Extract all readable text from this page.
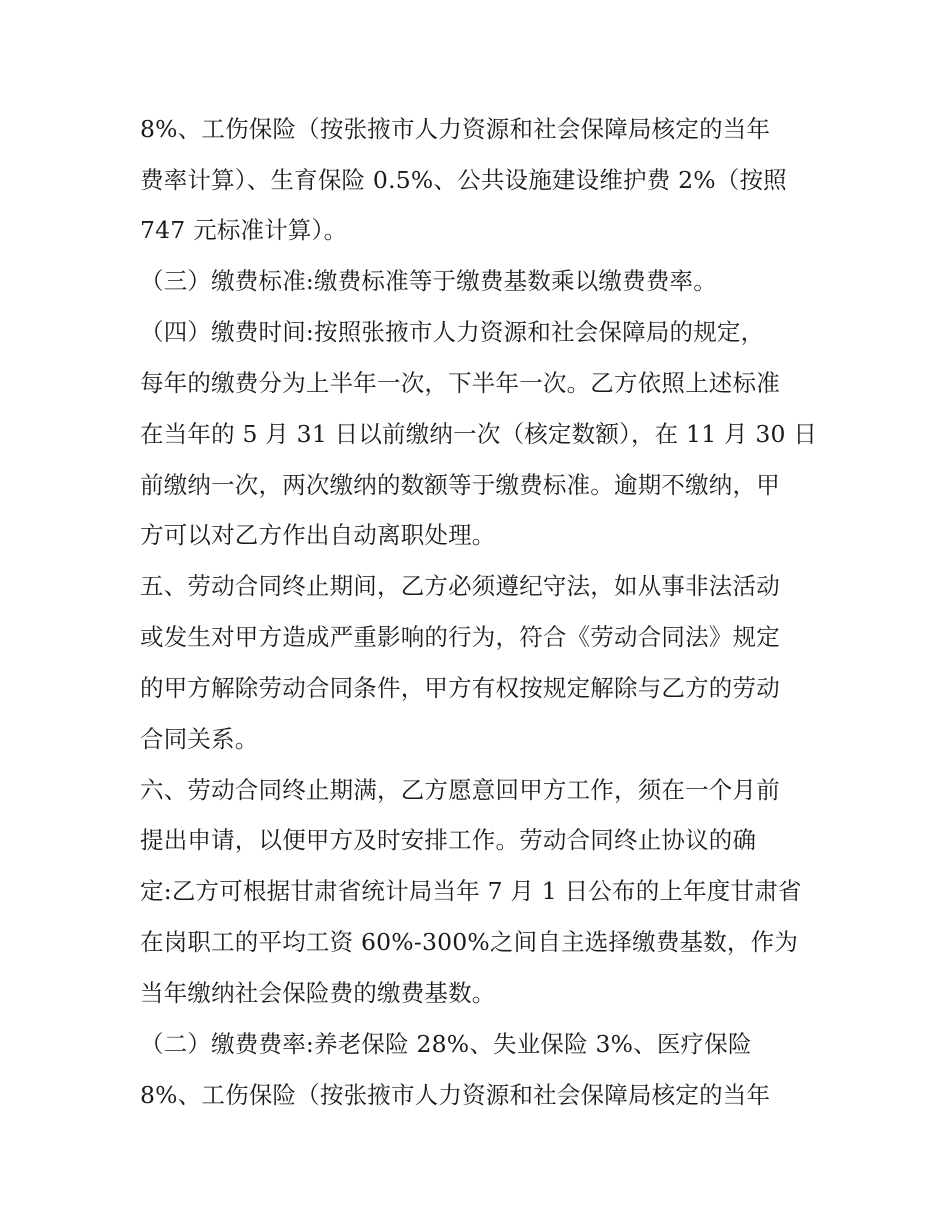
8%、工伤保险（按张掖市人力资源和社会保障局核定的当年
费率计算）、生育保险 0.5%、公共设施建设维护费 2%（按照
747 元标准计算）。
（三）缴费标准:缴费标准等于缴费基数乘以缴费费率。
（四）缴费时间:按照张掖市人力资源和社会保障局的规定，
每年的缴费分为上半年一次，下半年一次。乙方依照上述标准
在当年的 5 月 31 日以前缴纳一次（核定数额），在 11 月 30 日
前缴纳一次，两次缴纳的数额等于缴费标准。逾期不缴纳，甲
方可以对乙方作出自动离职处理。
五、劳动合同终止期间，乙方必须遵纪守法，如从事非法活动
或发生对甲方造成严重影响的行为，符合《劳动合同法》规定
的甲方解除劳动合同条件，甲方有权按规定解除与乙方的劳动
合同关系。
六、劳动合同终止期满，乙方愿意回甲方工作，须在一个月前
提出申请，以便甲方及时安排工作。劳动合同终止协议的确
定:乙方可根据甘肃省统计局当年 7 月 1 日公布的上年度甘肃省
在岗职工的平均工资 60%-300%之间自主选择缴费基数，作为
当年缴纳社会保险费的缴费基数。
（二）缴费费率:养老保险 28%、失业保险 3%、医疗保险
8%、工伤保险（按张掖市人力资源和社会保障局核定的当年
